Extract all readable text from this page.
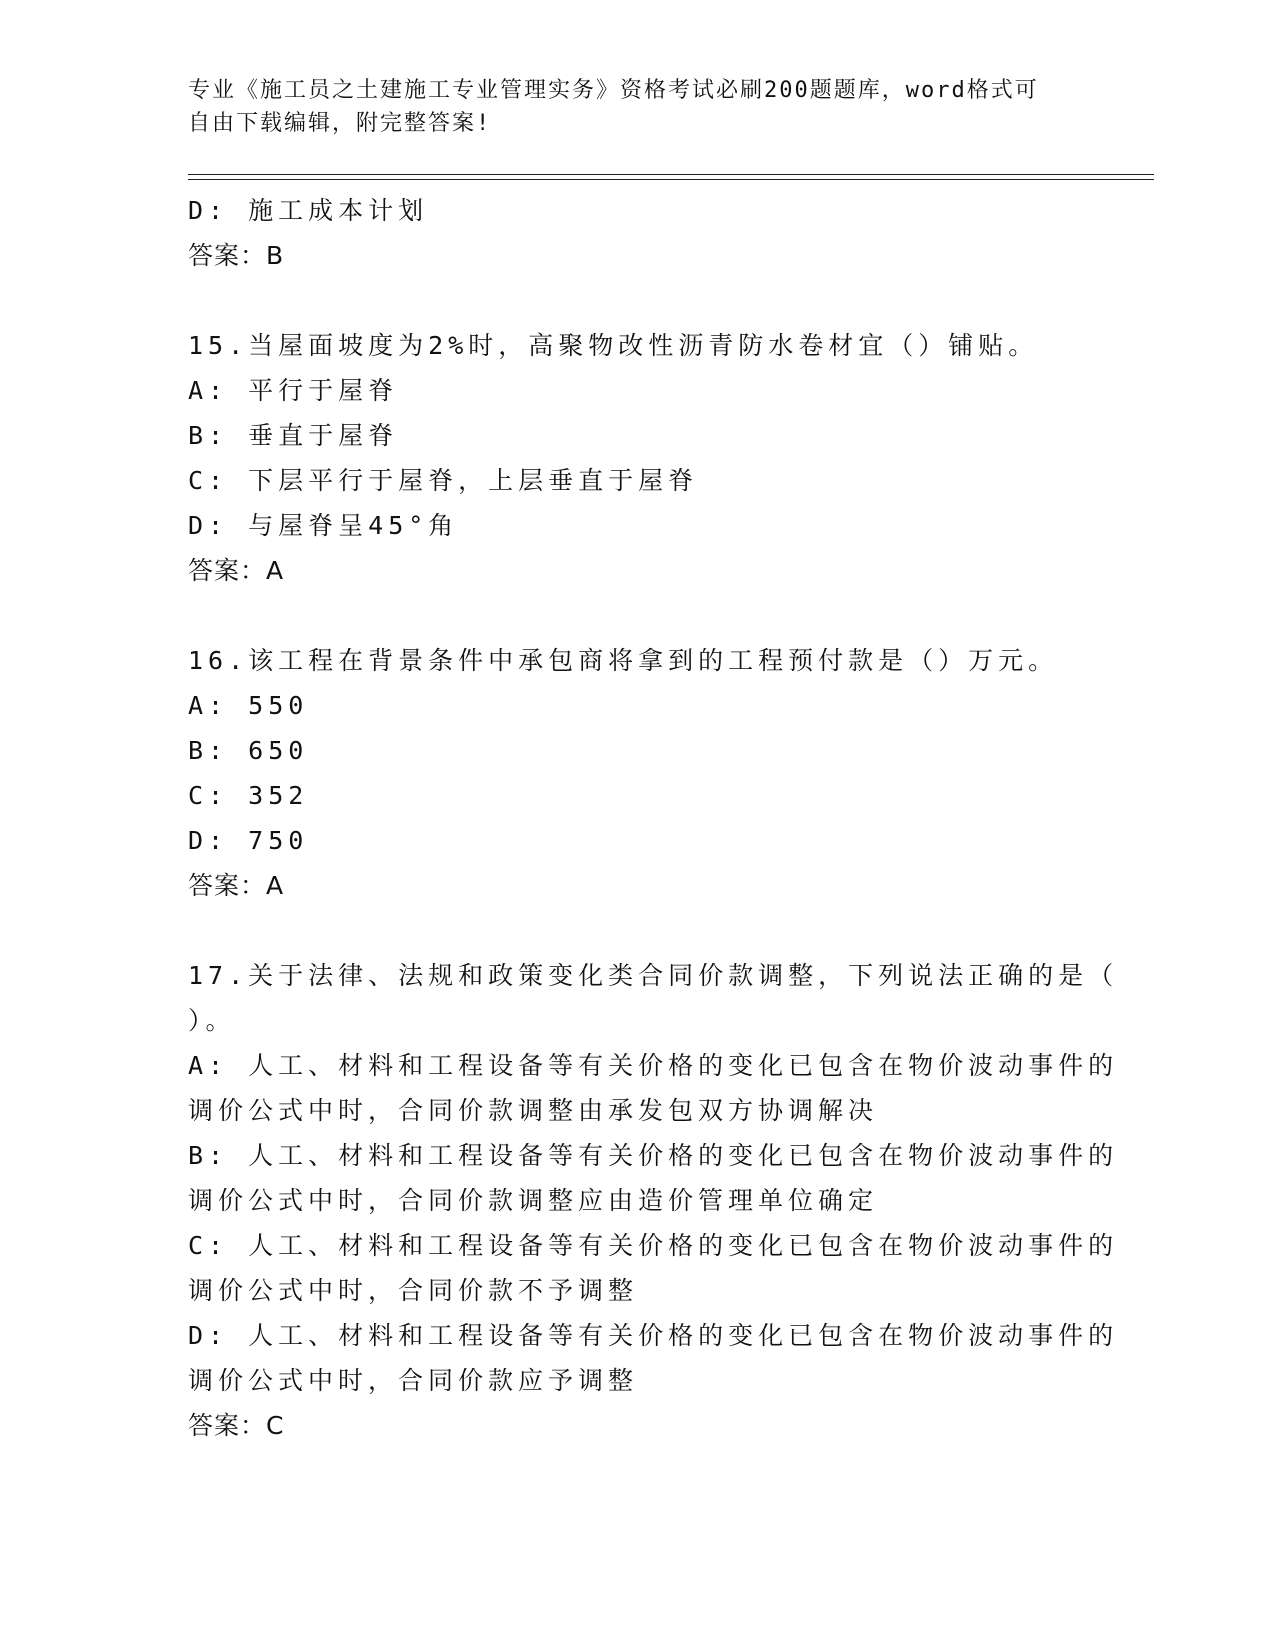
专业《施工员之土建施工专业管理实务》资格考试必刷200题题库，word格式可
自由下载编辑，附完整答案!
D: 施工成本计划
答案：B
15.当屋面坡度为2%时，高聚物改性沥青防水卷材宜（）铺贴。
A: 平行于屋脊
B: 垂直于屋脊
C: 下层平行于屋脊，上层垂直于屋脊
D: 与屋脊呈45°角
答案：A
16.该工程在背景条件中承包商将拿到的工程预付款是（）万元。
A: 550
B: 650
C: 352
D: 750
答案：A
17.关于法律、法规和政策变化类合同价款调整，下列说法正确的是（
）。
A: 人工、材料和工程设备等有关价格的变化已包含在物价波动事件的
调价公式中时，合同价款调整由承发包双方协调解决
B: 人工、材料和工程设备等有关价格的变化已包含在物价波动事件的
调价公式中时，合同价款调整应由造价管理单位确定
C: 人工、材料和工程设备等有关价格的变化已包含在物价波动事件的
调价公式中时，合同价款不予调整
D: 人工、材料和工程设备等有关价格的变化已包含在物价波动事件的
调价公式中时，合同价款应予调整
答案：C
